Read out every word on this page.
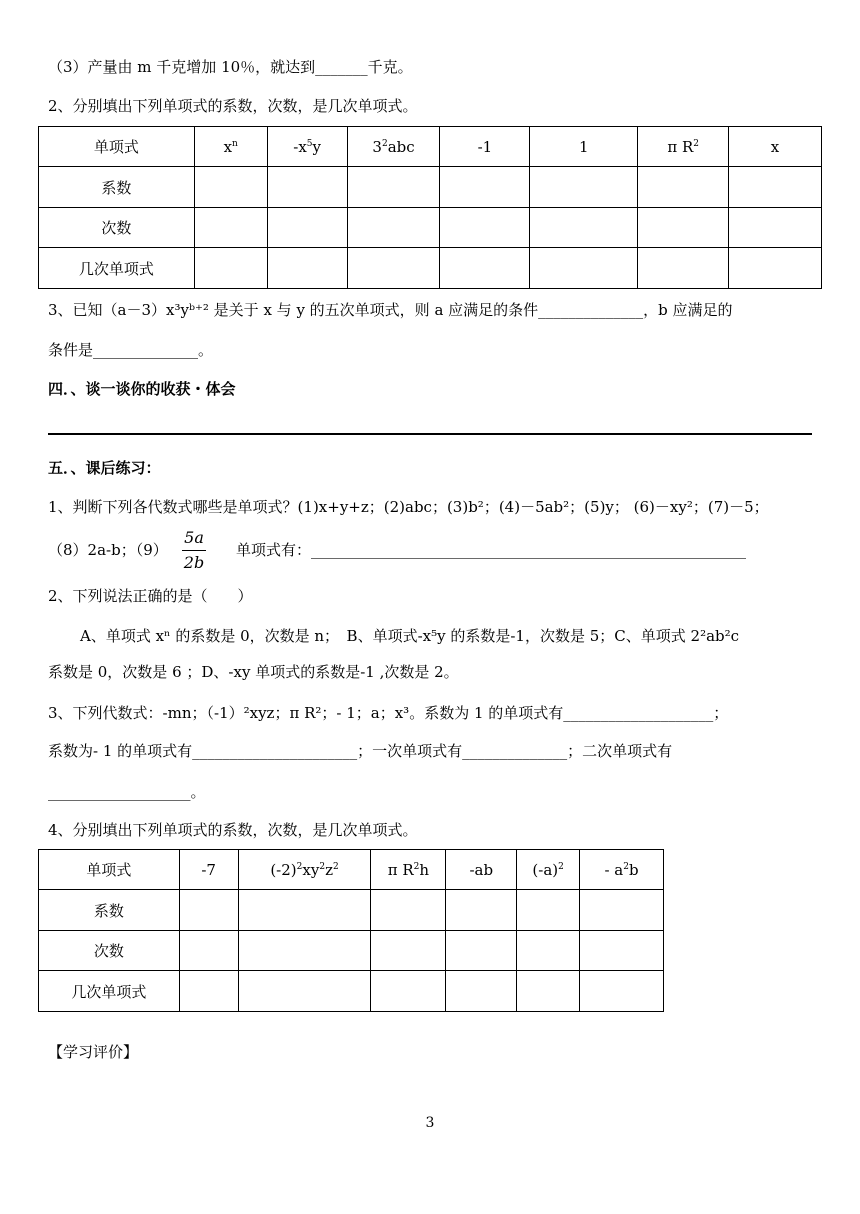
（3）产量由 m 千克增加 10％，就达到_______千克。
2、分别填出下列单项式的系数，次数，是几次单项式。
单项式	$x^n$	$-x^5y$	$3^2abc$	-1	1	π $R^2$	x
系数							
次数							
几次单项式							
3、已知（a－3）x³yᵇ⁺² 是关于 x 与 y 的五次单项式，则 a 应满足的条件______________，b 应满足的
条件是______________。
四．、谈一谈你的收获・体会
五．、课后练习：
1、判断下列各代数式哪些是单项式？(1)x+y+z；(2)abc；(3)b²；(4)－5ab²；(5)y； (6)－xy²；(7)－5；
（8）2a-b；（9）
5a
2b
单项式有：__________________________________________________________
2、下列说法正确的是（　　）
A、单项式 xⁿ 的系数是 0，次数是 n；　B、单项式-x⁵y 的系数是-1，次数是 5；C、单项式 2²ab²c
系数是 0，次数是 6 ；D、-xy 单项式的系数是-1 ,次数是 2。
3、下列代数式：-mn；（-1）²xyz；π R²；- 1；a；x³。系数为 1 的单项式有____________________；
系数为- 1 的单项式有______________________；一次单项式有______________；二次单项式有
___________________。
4、分别填出下列单项式的系数，次数，是几次单项式。
单项式	-7	$(-2)^2xy^2z^2$	π $R^2h$	-ab	$(-a)^2$	- $a^2b$
系数						
次数						
几次单项式						
【学习评价】
3
